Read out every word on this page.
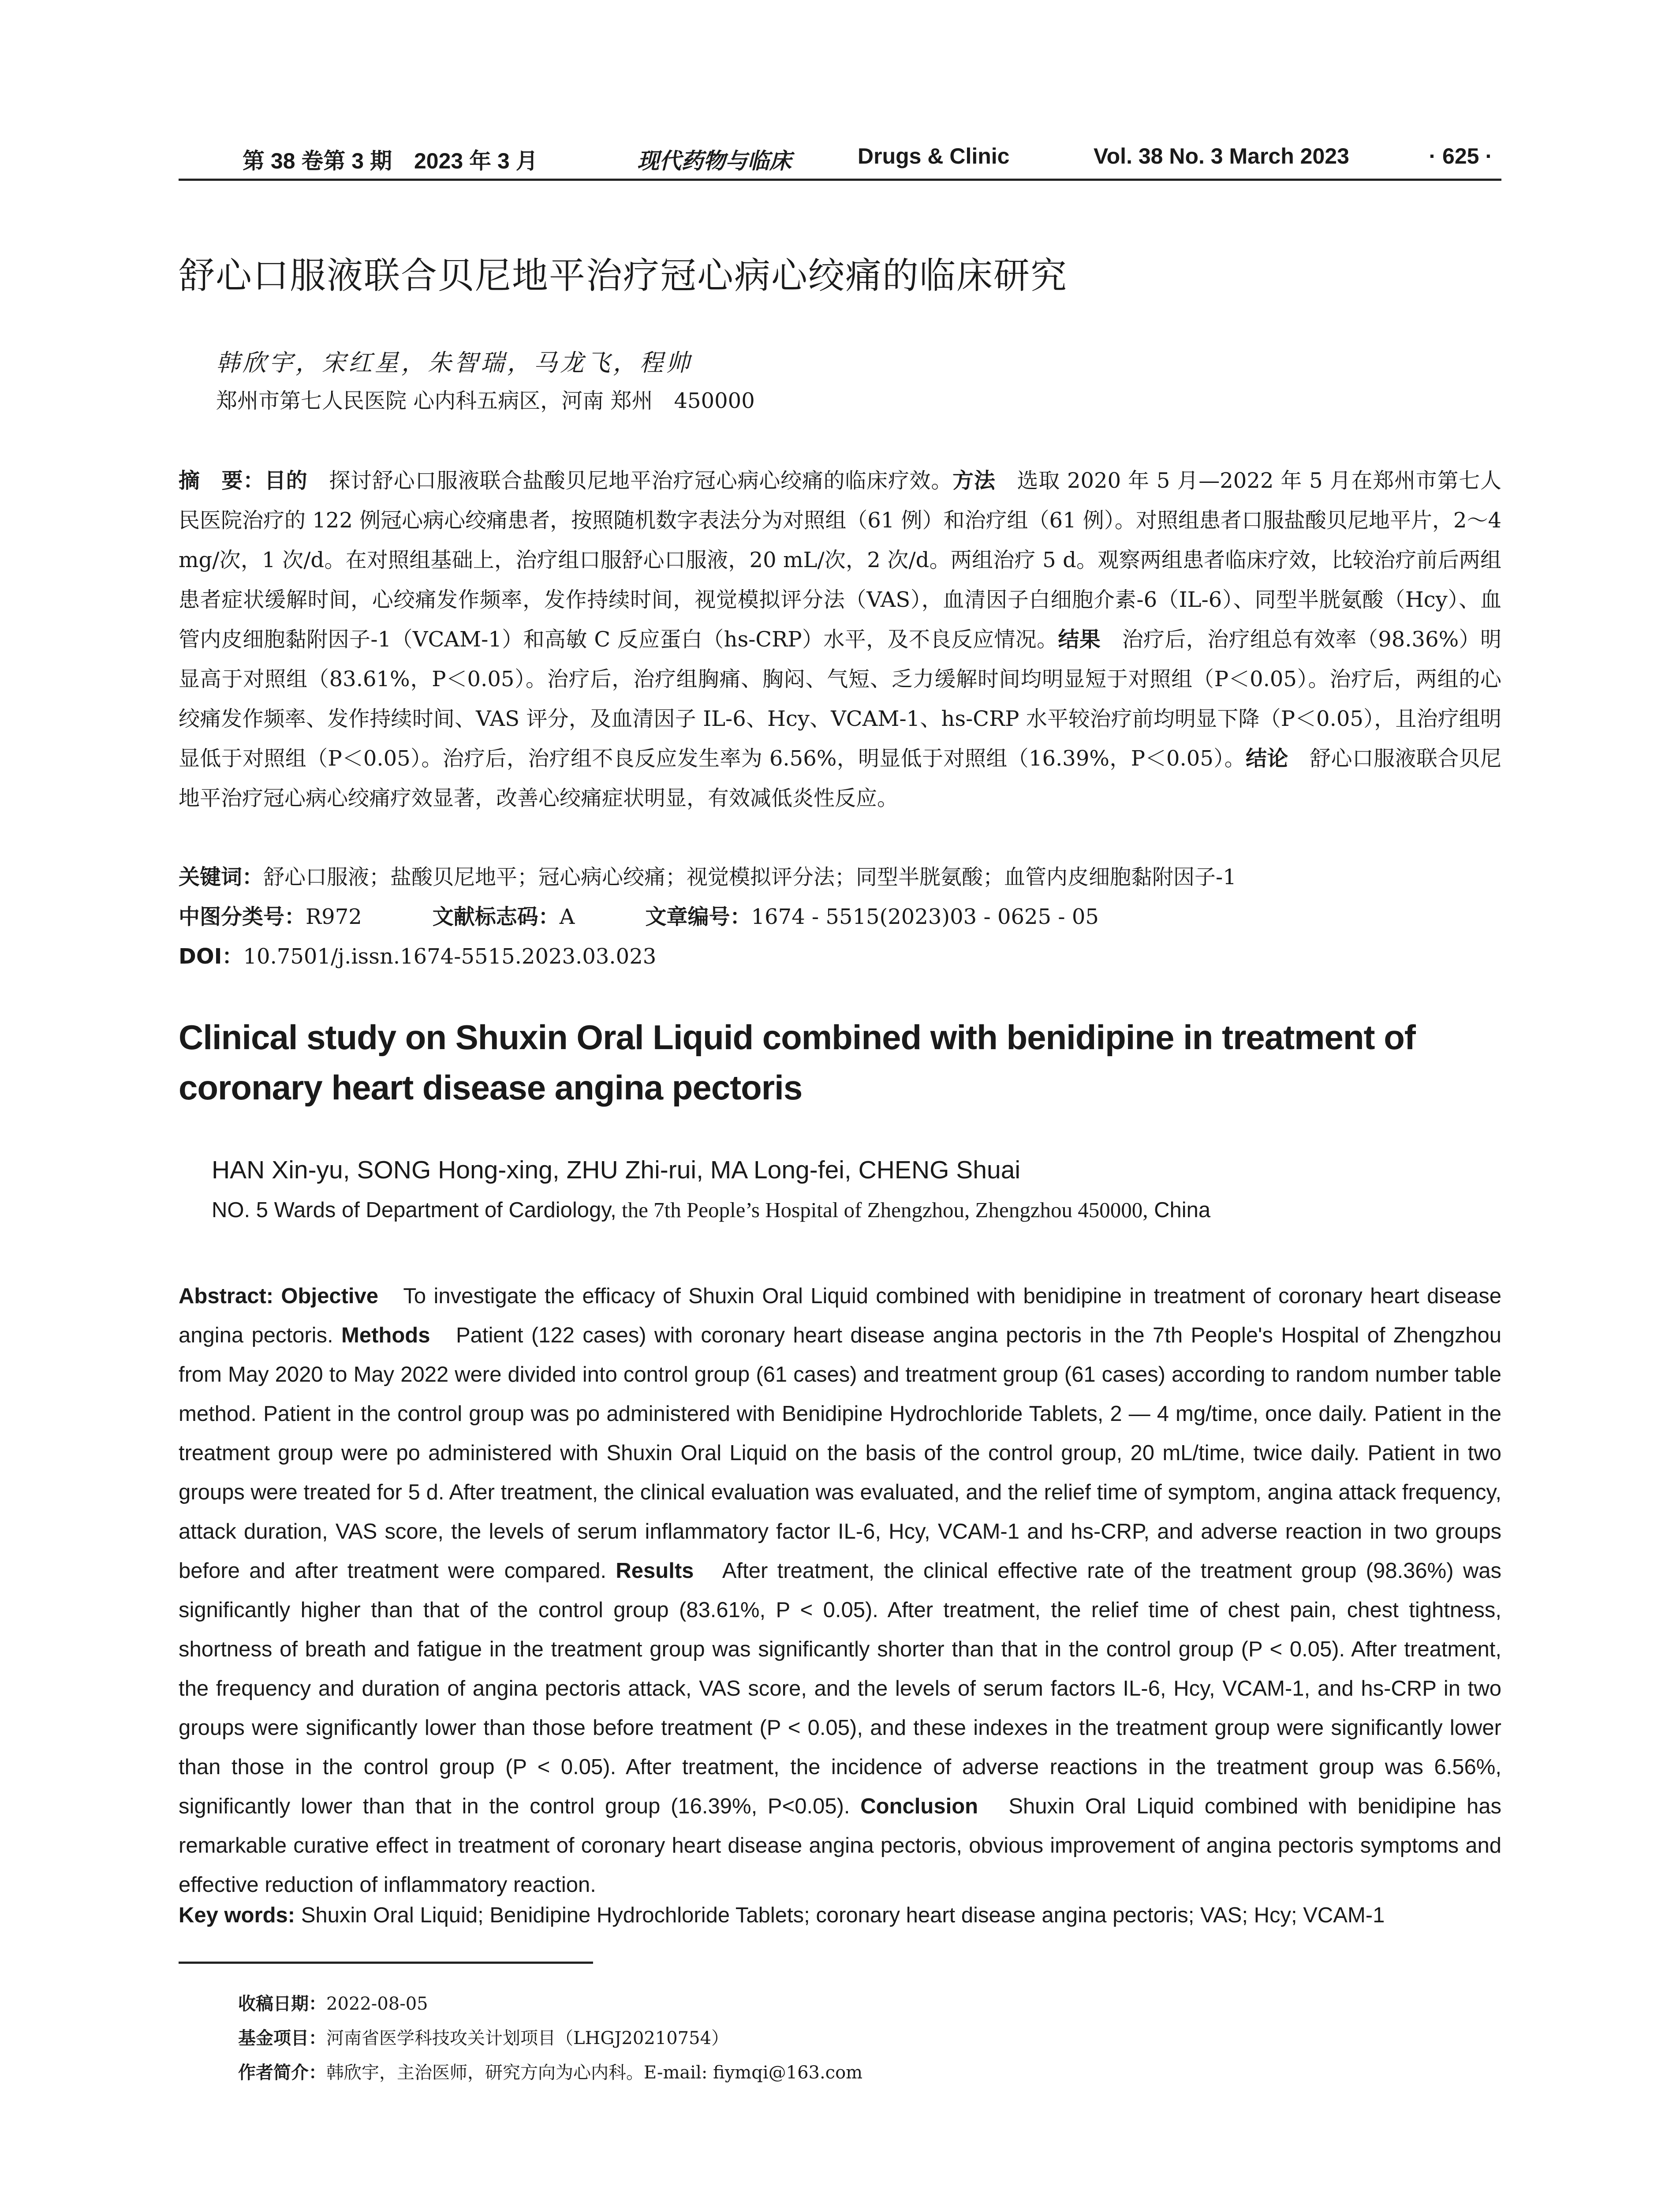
第 38 卷第 3 期　2023 年 3 月	现代药物与临床	Drugs & Clinic	Vol. 38 No. 3 March 2023	· 625 ·
舒心口服液联合贝尼地平治疗冠心病心绞痛的临床研究
韩欣宇，宋红星，朱智瑞，马龙飞，程帅
郑州市第七人民医院 心内科五病区，河南 郑州　450000

摘　要：目的　探讨舒心口服液联合盐酸贝尼地平治疗冠心病心绞痛的临床疗效。方法　选取 2020 年 5 月—2022 年 5 月在郑州市第七人民医院治疗的 122 例冠心病心绞痛患者，按照随机数字表法分为对照组（61 例）和治疗组（61 例）。对照组患者口服盐酸贝尼地平片，2～4 mg/次，1 次/d。在对照组基础上，治疗组口服舒心口服液，20 mL/次，2 次/d。两组治疗 5 d。观察两组患者临床疗效，比较治疗前后两组患者症状缓解时间，心绞痛发作频率，发作持续时间，视觉模拟评分法（VAS），血清因子白细胞介素-6（IL-6）、同型半胱氨酸（Hcy）、血管内皮细胞黏附因子-1（VCAM-1）和高敏 C 反应蛋白（hs-CRP）水平，及不良反应情况。结果　治疗后，治疗组总有效率（98.36%）明显高于对照组（83.61%，P＜0.05）。治疗后，治疗组胸痛、胸闷、气短、乏力缓解时间均明显短于对照组（P＜0.05）。治疗后，两组的心绞痛发作频率、发作持续时间、VAS 评分，及血清因子 IL-6、Hcy、VCAM-1、hs-CRP 水平较治疗前均明显下降（P＜0.05），且治疗组明显低于对照组（P＜0.05）。治疗后，治疗组不良反应发生率为 6.56%，明显低于对照组（16.39%，P＜0.05）。结论　舒心口服液联合贝尼地平治疗冠心病心绞痛疗效显著，改善心绞痛症状明显，有效减低炎性反应。

关键词：舒心口服液；盐酸贝尼地平；冠心病心绞痛；视觉模拟评分法；同型半胱氨酸；血管内皮细胞黏附因子-1

中图分类号：R972	文献标志码：A	文章编号：1674 - 5515(2023)03 - 0625 - 05

DOI：10.7501/j.issn.1674-5515.2023.03.023

Clinical study on Shuxin Oral Liquid combined with benidipine in treatment of coronary heart disease angina pectoris
HAN Xin-yu, SONG Hong-xing, ZHU Zhi-rui, MA Long-fei, CHENG Shuai
NO. 5 Wards of Department of Cardiology, the 7th People’s Hospital of Zhengzhou, Zhengzhou 450000, China

Abstract: Objective　To investigate the efficacy of Shuxin Oral Liquid combined with benidipine in treatment of coronary heart disease angina pectoris. Methods　Patient (122 cases) with coronary heart disease angina pectoris in the 7th People's Hospital of Zhengzhou from May 2020 to May 2022 were divided into control group (61 cases) and treatment group (61 cases) according to random number table method. Patient in the control group was po administered with Benidipine Hydrochloride Tablets, 2 — 4 mg/time, once daily. Patient in the treatment group were po administered with Shuxin Oral Liquid on the basis of the control group, 20 mL/time, twice daily. Patient in two groups were treated for 5 d. After treatment, the clinical evaluation was evaluated, and the relief time of symptom, angina attack frequency, attack duration, VAS score, the levels of serum inflammatory factor IL-6, Hcy, VCAM-1 and hs-CRP, and adverse reaction in two groups before and after treatment were compared. Results　After treatment, the clinical effective rate of the treatment group (98.36%) was significantly higher than that of the control group (83.61%, P < 0.05). After treatment, the relief time of chest pain, chest tightness, shortness of breath and fatigue in the treatment group was significantly shorter than that in the control group (P < 0.05). After treatment, the frequency and duration of angina pectoris attack, VAS score, and the levels of serum factors IL-6, Hcy, VCAM-1, and hs-CRP in two groups were significantly lower than those before treatment (P < 0.05), and these indexes in the treatment group were significantly lower than those in the control group (P < 0.05). After treatment, the incidence of adverse reactions in the treatment group was 6.56%, significantly lower than that in the control group (16.39%, P<0.05). Conclusion　Shuxin Oral Liquid combined with benidipine has remarkable curative effect in treatment of coronary heart disease angina pectoris, obvious improvement of angina pectoris symptoms and effective reduction of inflammatory reaction.

Key words: Shuxin Oral Liquid; Benidipine Hydrochloride Tablets; coronary heart disease angina pectoris; VAS; Hcy; VCAM-1

收稿日期：2022-08-05
基金项目：河南省医学科技攻关计划项目（LHGJ20210754）
作者简介：韩欣宇，主治医师，研究方向为心内科。E-mail: fiymqi@163.com
